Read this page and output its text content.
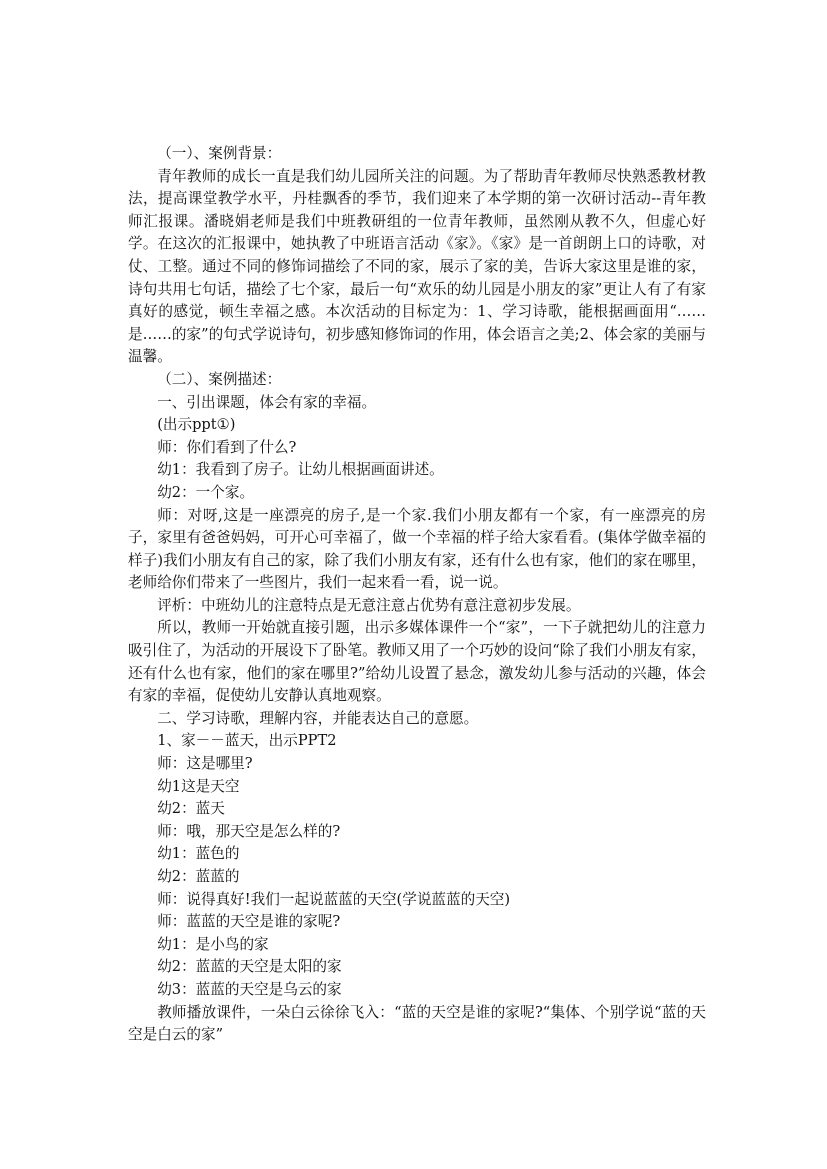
（一）、案例背景：

青年教师的成长一直是我们幼儿园所关注的问题。为了帮助青年教师尽快熟悉教材教法，提高课堂教学水平，丹桂飘香的季节，我们迎来了本学期的第一次研讨活动--青年教师汇报课。潘晓娟老师是我们中班教研组的一位青年教师，虽然刚从教不久，但虚心好学。在这次的汇报课中，她执教了中班语言活动《家》。《家》是一首朗朗上口的诗歌，对仗、工整。通过不同的修饰词描绘了不同的家，展示了家的美，告诉大家这里是谁的家，诗句共用七句话，描绘了七个家，最后一句“欢乐的幼儿园是小朋友的家”更让人有了有家真好的感觉，顿生幸福之感。本次活动的目标定为：1、学习诗歌，能根据画面用“……是……的家”的句式学说诗句，初步感知修饰词的作用，体会语言之美;2、体会家的美丽与温馨。

（二）、案例描述：

一、引出课题，体会有家的幸福。

(出示ppt①)

师：你们看到了什么?

幼1：我看到了房子。让幼儿根据画面讲述。

幼2：一个家。

师：对呀,这是一座漂亮的房子,是一个家.我们小朋友都有一个家，有一座漂亮的房子，家里有爸爸妈妈，可开心可幸福了，做一个幸福的样子给大家看看。(集体学做幸福的样子)我们小朋友有自己的家，除了我们小朋友有家，还有什么也有家，他们的家在哪里，老师给你们带来了一些图片，我们一起来看一看，说一说。

评析：中班幼儿的注意特点是无意注意占优势有意注意初步发展。

所以，教师一开始就直接引题，出示多媒体课件一个“家”，一下子就把幼儿的注意力吸引住了，为活动的开展设下了卧笔。教师又用了一个巧妙的设问“除了我们小朋友有家，还有什么也有家，他们的家在哪里?”给幼儿设置了悬念，激发幼儿参与活动的兴趣，体会有家的幸福，促使幼儿安静认真地观察。

二、学习诗歌，理解内容，并能表达自己的意愿。

1、家－－蓝天，出示PPT2

师：这是哪里?

幼1这是天空

幼2：蓝天

师：哦，那天空是怎么样的?

幼1：蓝色的

幼2：蓝蓝的

师：说得真好!我们一起说蓝蓝的天空(学说蓝蓝的天空)

师：蓝蓝的天空是谁的家呢?

幼1：是小鸟的家

幼2：蓝蓝的天空是太阳的家

幼3：蓝蓝的天空是乌云的家

教师播放课件，一朵白云徐徐飞入：“蓝的天空是谁的家呢?“集体、个别学说“蓝的天空是白云的家”
